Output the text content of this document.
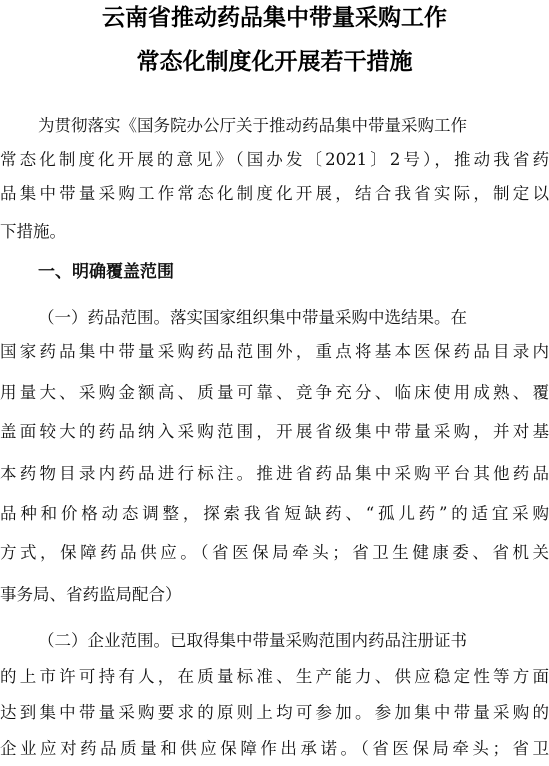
云南省推动药品集中带量采购工作
常态化制度化开展若干措施
为贯彻落实《国务院办公厅关于推动药品集中带量采购工作
常态化制度化开展的意见》（国办发〔2021〕2号），推动我省药
品集中带量采购工作常态化制度化开展，结合我省实际，制定以
下措施。
一、明确覆盖范围
（一）药品范围。落实国家组织集中带量采购中选结果。在
国家药品集中带量采购药品范围外，重点将基本医保药品目录内
用量大、采购金额高、质量可靠、竞争充分、临床使用成熟、覆
盖面较大的药品纳入采购范围，开展省级集中带量采购，并对基
本药物目录内药品进行标注。推进省药品集中采购平台其他药品
品种和价格动态调整，探索我省短缺药、“孤儿药”的适宜采购
方式，保障药品供应。（省医保局牵头；省卫生健康委、省机关
事务局、省药监局配合）
（二）企业范围。已取得集中带量采购范围内药品注册证书
的上市许可持有人，在质量标准、生产能力、供应稳定性等方面
达到集中带量采购要求的原则上均可参加。参加集中带量采购的
企业应对药品质量和供应保障作出承诺。（省医保局牵头；省卫
